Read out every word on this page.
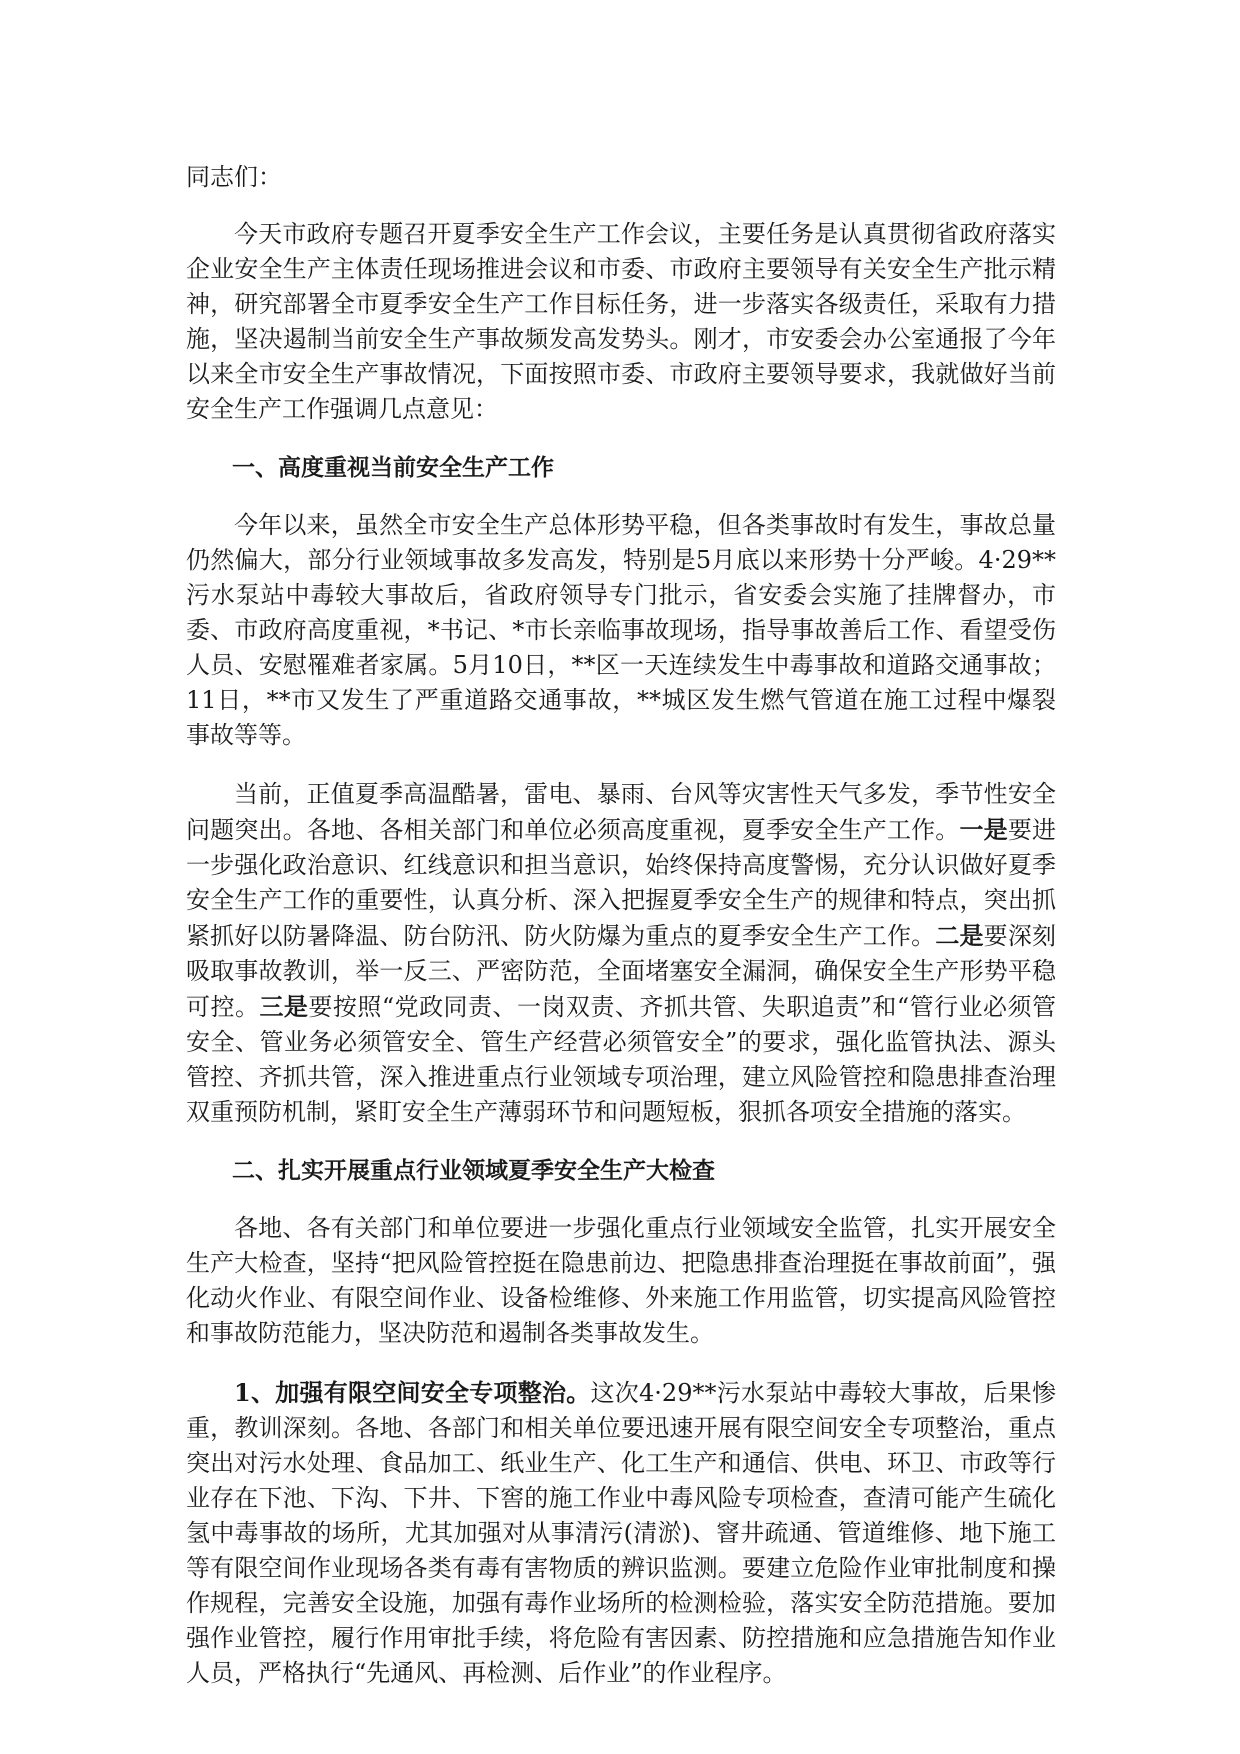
同志们：

今天市政府专题召开夏季安全生产工作会议，主要任务是认真贯彻省政府落实企业安全生产主体责任现场推进会议和市委、市政府主要领导有关安全生产批示精神，研究部署全市夏季安全生产工作目标任务，进一步落实各级责任，采取有力措施，坚决遏制当前安全生产事故频发高发势头。刚才，市安委会办公室通报了今年以来全市安全生产事故情况，下面按照市委、市政府主要领导要求，我就做好当前安全生产工作强调几点意见：

一、高度重视当前安全生产工作

今年以来，虽然全市安全生产总体形势平稳，但各类事故时有发生，事故总量仍然偏大，部分行业领域事故多发高发，特别是5月底以来形势十分严峻。4·29**污水泵站中毒较大事故后，省政府领导专门批示，省安委会实施了挂牌督办，市委、市政府高度重视，*书记、*市长亲临事故现场，指导事故善后工作、看望受伤人员、安慰罹难者家属。5月10日，**区一天连续发生中毒事故和道路交通事故；11日，**市又发生了严重道路交通事故，**城区发生燃气管道在施工过程中爆裂事故等等。

当前，正值夏季高温酷暑，雷电、暴雨、台风等灾害性天气多发，季节性安全问题突出。各地、各相关部门和单位必须高度重视，夏季安全生产工作。一是要进一步强化政治意识、红线意识和担当意识，始终保持高度警惕，充分认识做好夏季安全生产工作的重要性，认真分析、深入把握夏季安全生产的规律和特点，突出抓紧抓好以防暑降温、防台防汛、防火防爆为重点的夏季安全生产工作。二是要深刻吸取事故教训，举一反三、严密防范，全面堵塞安全漏洞，确保安全生产形势平稳可控。三是要按照“党政同责、一岗双责、齐抓共管、失职追责”和“管行业必须管安全、管业务必须管安全、管生产经营必须管安全”的要求，强化监管执法、源头管控、齐抓共管，深入推进重点行业领域专项治理，建立风险管控和隐患排查治理双重预防机制，紧盯安全生产薄弱环节和问题短板，狠抓各项安全措施的落实。

二、扎实开展重点行业领域夏季安全生产大检查

各地、各有关部门和单位要进一步强化重点行业领域安全监管，扎实开展安全生产大检查，坚持“把风险管控挺在隐患前边、把隐患排查治理挺在事故前面”，强化动火作业、有限空间作业、设备检维修、外来施工作用监管，切实提高风险管控和事故防范能力，坚决防范和遏制各类事故发生。

1、加强有限空间安全专项整治。这次4·29**污水泵站中毒较大事故，后果惨重，教训深刻。各地、各部门和相关单位要迅速开展有限空间安全专项整治，重点突出对污水处理、食品加工、纸业生产、化工生产和通信、供电、环卫、市政等行业存在下池、下沟、下井、下窖的施工作业中毒风险专项检查，查清可能产生硫化氢中毒事故的场所，尤其加强对从事清污(清淤)、窨井疏通、管道维修、地下施工等有限空间作业现场各类有毒有害物质的辨识监测。要建立危险作业审批制度和操作规程，完善安全设施，加强有毒作业场所的检测检验，落实安全防范措施。要加强作业管控，履行作用审批手续，将危险有害因素、防控措施和应急措施告知作业人员，严格执行“先通风、再检测、后作业”的作业程序。
